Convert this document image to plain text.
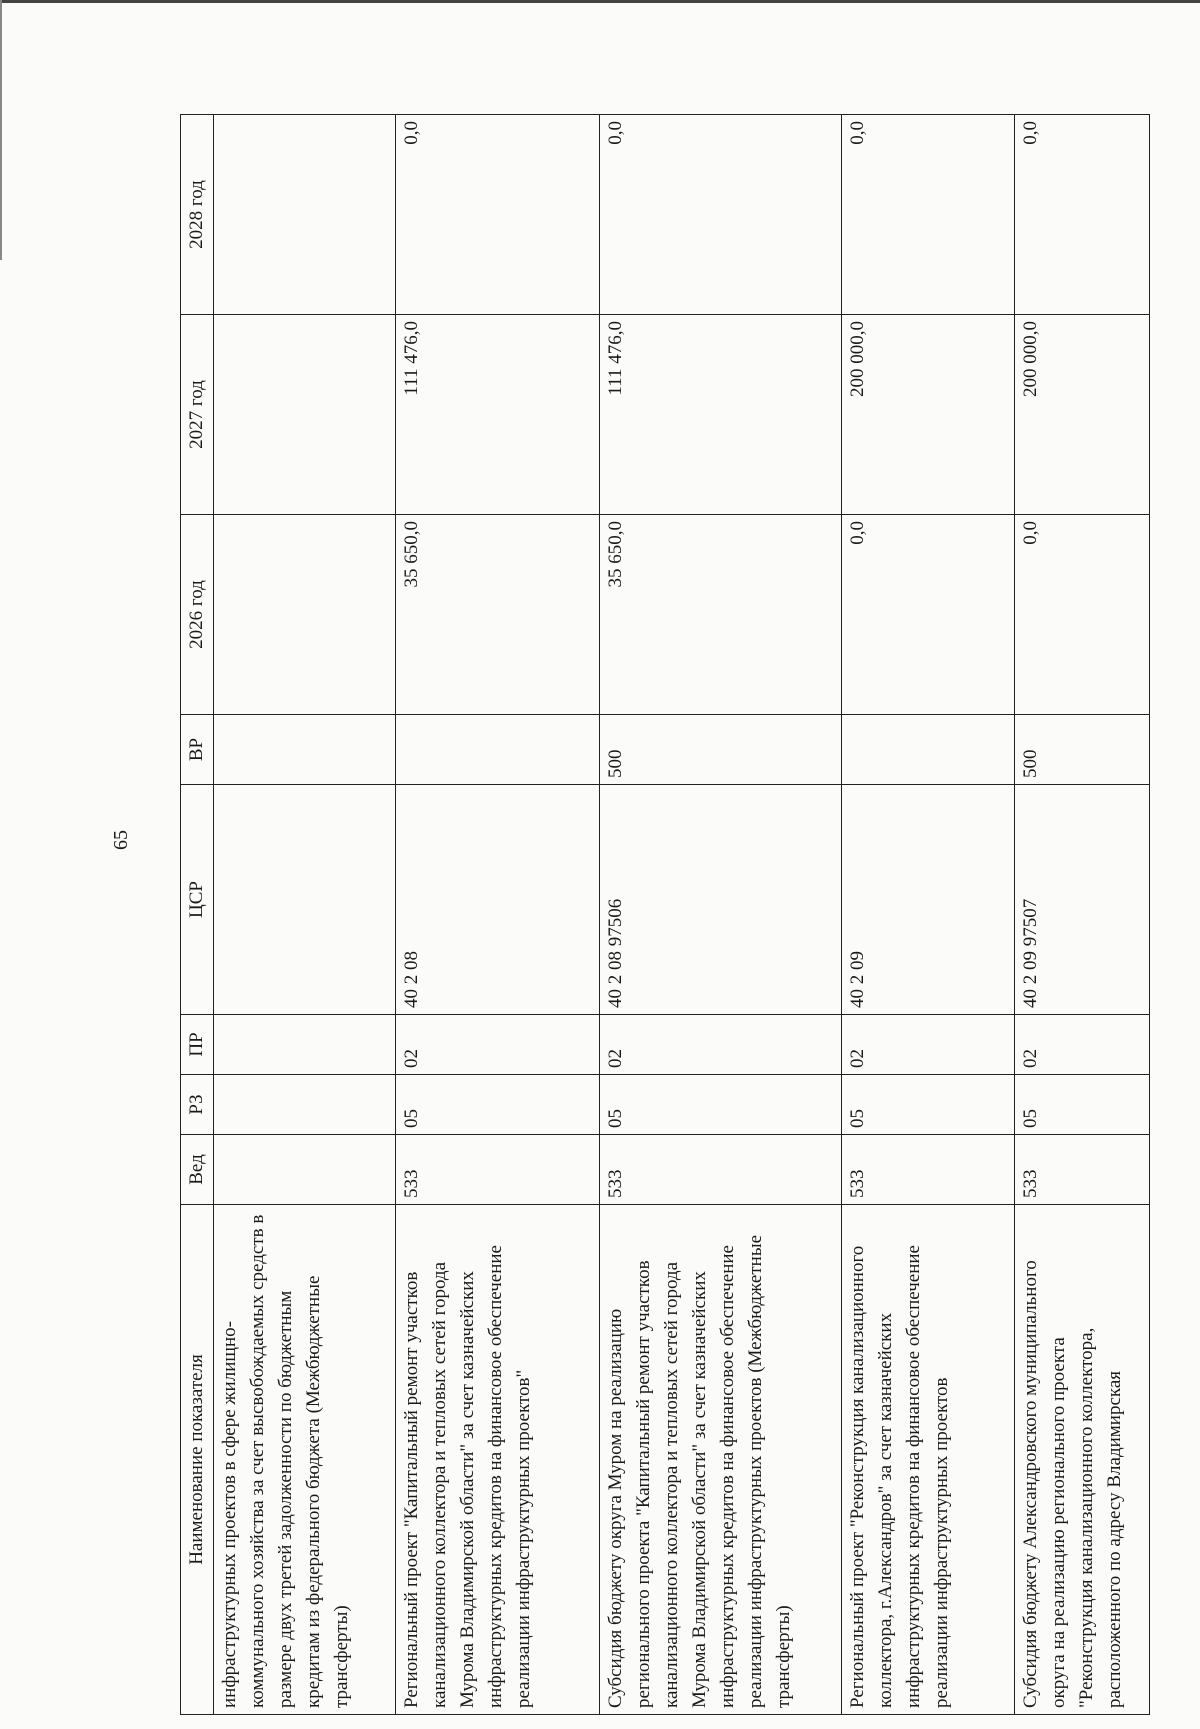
65
Наименование показателя	Вед	РЗ	ПР	ЦСР	ВР	2026 год	2027 год	2028 год
инфраструктурных проектов в сфере жилищно-коммунального хозяйства за счет высвобождаемых средств в размере двух третей задолженности по бюджетным кредитам из федерального бюджета (Межбюджетные трансферты)								
Региональный проект "Капитальный ремонт участков канализационного коллектора и тепловых сетей города Мурома Владимирской области" за счет казначейских инфраструктурных кредитов на финансовое обеспечение реализации инфраструктурных проектов"	533	05	02	40 2 08		35 650,0	111 476,0	0,0
Субсидия бюджету округа Муром на реализацию регионального проекта "Капитальный ремонт участков канализационного коллектора и тепловых сетей города Мурома Владимирской области" за счет казначейских инфраструктурных кредитов на финансовое обеспечение реализации инфраструктурных проектов (Межбюджетные трансферты)	533	05	02	40 2 08 97506	500	35 650,0	111 476,0	0,0
Региональный проект "Реконструкция канализационного коллектора, г.Александров" за счет казначейских инфраструктурных кредитов на финансовое обеспечение реализации инфраструктурных проектов	533	05	02	40 2 09		0,0	200 000,0	0,0
Субсидия бюджету Александровского муниципального округа на реализацию регионального проекта "Реконструкция канализационного коллектора, расположенного по адресу Владимирская	533	05	02	40 2 09 97507	500	0,0	200 000,0	0,0
